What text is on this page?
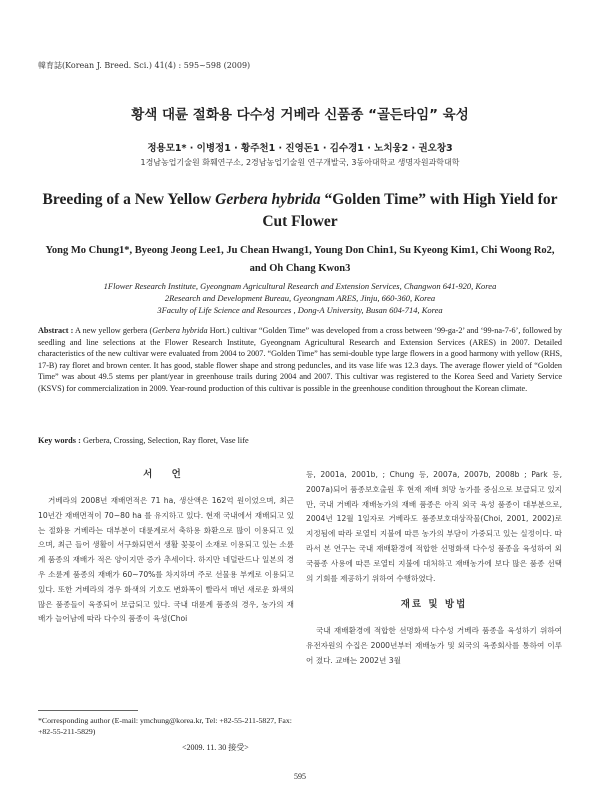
韓育誌(Korean J. Breed. Sci.) 41(4) : 595~598 (2009)
황색 대륜 절화용 다수성 거베라 신품종 “골든타임” 육성
정용모1* · 이병정1 · 황주천1 · 진영돈1 · 김수경1 · 노치웅2 · 권오창3
1경남농업기술원 화훼연구소, 2경남농업기술원 연구개발국, 3동아대학교 생명자원과학대학
Breeding of a New Yellow Gerbera hybrida “Golden Time” with High Yield for Cut Flower
Yong Mo Chung1*, Byeong Jeong Lee1, Ju Chean Hwang1, Young Don Chin1, Su Kyeong Kim1, Chi Woong Ro2, and Oh Chang Kwon3
1Flower Research Institute, Gyeongnam Agricultural Research and Extension Services, Changwon 641-920, Korea
2Research and Development Bureau, Gyeongnam ARES, Jinju, 660-360, Korea
3Faculty of Life Science and Resources , Dong-A University, Busan 604-714, Korea
Abstract : A new yellow gerbera (Gerbera hybrida Hort.) cultivar “Golden Time” was developed from a cross between ‘99-ga-2’ and ‘99-na-7-6’, followed by seedling and line selections at the Flower Research Institute, Gyeongnam Agricultural Research and Extension Services (ARES) in 2007. Detailed characteristics of the new cultivar were evaluated from 2004 to 2007. “Golden Time” has semi-double type large flowers in a good harmony with yellow (RHS, 17-B) ray floret and brown center. It has good, stable flower shape and strong peduncles, and its vase life was 12.3 days. The average flower yield of “Golden Time” was about 49.5 stems per plant/year in greenhouse trails during 2004 and 2007. This cultivar was registered to the Korea Seed and Variety Service (KSVS) for commercialization in 2009. Year-round production of this cultivar is possible in the greenhouse condition throughout the Korean climate.
Key words : Gerbera, Crossing, Selection, Ray floret, Vase life
서 언

거베라의 2008년 재배면적은 71 ha, 생산액은 162억 원이었으며, 최근 10년간 재배면적이 70~80 ha 를 유지하고 있다. 현재 국내에서 재배되고 있는 절화용 거베라는 대부분이 대륜계로서 축하용 화환으로 많이 이용되고 있으며, 최근 들어 생활이 서구화되면서 생활 꽃꽂이 소재로 이용되고 있는 소륜계 품종의 재배가 적은 양이지만 증가 추세이다. 하지만 네덜란드나 일본의 경우 소륜계 품종의 재배가 60~70%를 차지하며 주로 선물용 부케로 이용되고 있다. 또한 거베라의 경우 화색의 기호도 변화폭이 빨라서 매년 새로운 화색의 많은 품종들이 육종되어 보급되고 있다. 국내 대륜계 품종의 경우, 농가의 재배가 늘어남에 따라 다수의 품종이 육성(Choi

등, 2001a, 2001b, ; Chung 등, 2007a, 2007b, 2008b ; Park 등, 2007a)되어 품종보호출원 후 현재 재배 희망 농가를 중심으로 보급되고 있지만, 국내 거베라 재배농가의 재배 품종은 아직 외국 육성 품종이 대부분으로, 2004년 12월 1일자로 거베라도 품종보호대상작물(Choi, 2001, 2002)로 지정됨에 따라 로열티 지불에 따른 농가의 부담이 가중되고 있는 실정이다. 따라서 본 연구는 국내 재배환경에 적합한 선명화색 다수성 품종을 육성하여 외국품종 사용에 따른 로열티 지불에 대처하고 재배농가에 보다 많은 품종 선택의 기회를 제공하기 위하여 수행하였다.

재료 및 방법

국내 재배환경에 적합한 선명화색 다수성 거베라 품종을 육성하기 위하여 유전자원의 수집은 2000년부터 재배농가 및 외국의 육종회사를 통하여 이루어 졌다. 교배는 2002년 3월

*Corresponding author (E-mail: ymchung@korea.kr, Tel: +82-55-211-5827, Fax: +82-55-211-5829)
<2009. 11. 30 接受>
595
